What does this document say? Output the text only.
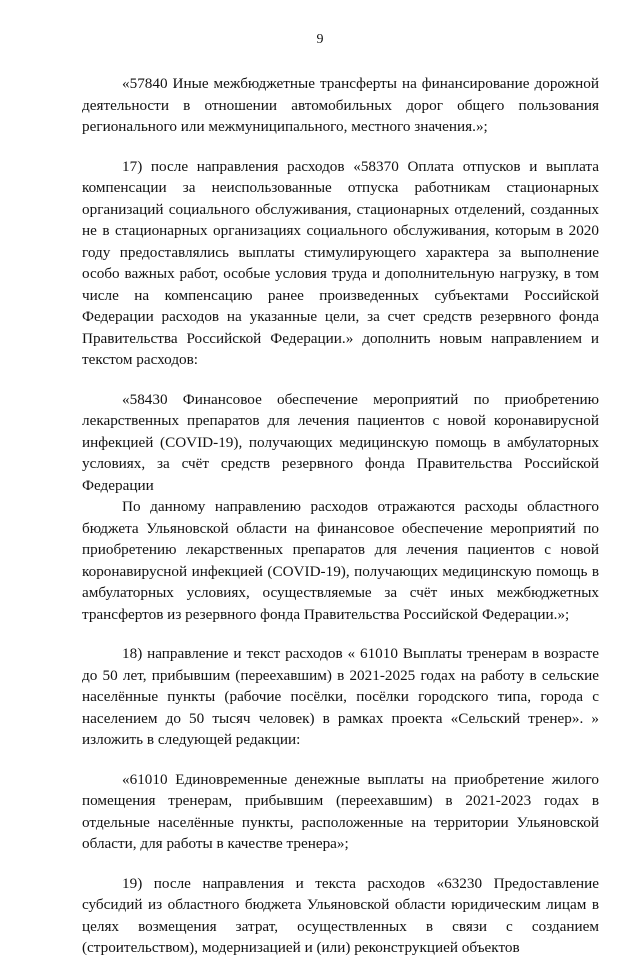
9

«57840 Иные межбюджетные трансферты на финансирование дорожной деятельности в отношении автомобильных дорог общего пользования регионального или межмуниципального, местного значения.»;

17) после направления расходов «58370 Оплата отпусков и выплата компенсации за неиспользованные отпуска работникам стационарных организаций социального обслуживания, стационарных отделений, созданных не в стационарных организациях социального обслуживания, которым в 2020 году предоставлялись выплаты стимулирующего характера за выполнение особо важных работ, особые условия труда и дополнительную нагрузку, в том числе на компенсацию ранее произведенных субъектами Российской Федерации расходов на указанные цели, за счет средств резервного фонда Правительства Российской Федерации.» дополнить новым направлением и текстом расходов:

«58430 Финансовое обеспечение мероприятий по приобретению лекарственных препаратов для лечения пациентов с новой коронавирусной инфекцией (COVID-19), получающих медицинскую помощь в амбулаторных условиях, за счёт средств резервного фонда Правительства Российской Федерации

По данному направлению расходов отражаются расходы областного бюджета Ульяновской области на финансовое обеспечение мероприятий по приобретению лекарственных препаратов для лечения пациентов с новой коронавирусной инфекцией (COVID-19), получающих медицинскую помощь в амбулаторных условиях, осуществляемые за счёт иных межбюджетных трансфертов из резервного фонда Правительства Российской Федерации.»;

18) направление и текст расходов « 61010 Выплаты тренерам в возрасте до 50 лет, прибывшим (переехавшим) в 2021-2025 годах на работу в сельские населённые пункты (рабочие посёлки, посёлки городского типа, города с населением до 50 тысяч человек) в рамках проекта «Сельский тренер». » изложить в следующей редакции:

«61010 Единовременные денежные выплаты на приобретение жилого помещения тренерам, прибывшим (переехавшим) в 2021-2023 годах в отдельные населённые пункты, расположенные на территории Ульяновской области, для работы в качестве тренера»;

19) после направления и текста расходов «63230 Предоставление субсидий из областного бюджета Ульяновской области юридическим лицам в целях возмещения затрат, осуществленных в связи с созданием (строительством), модернизацией и (или) реконструкцией объектов
